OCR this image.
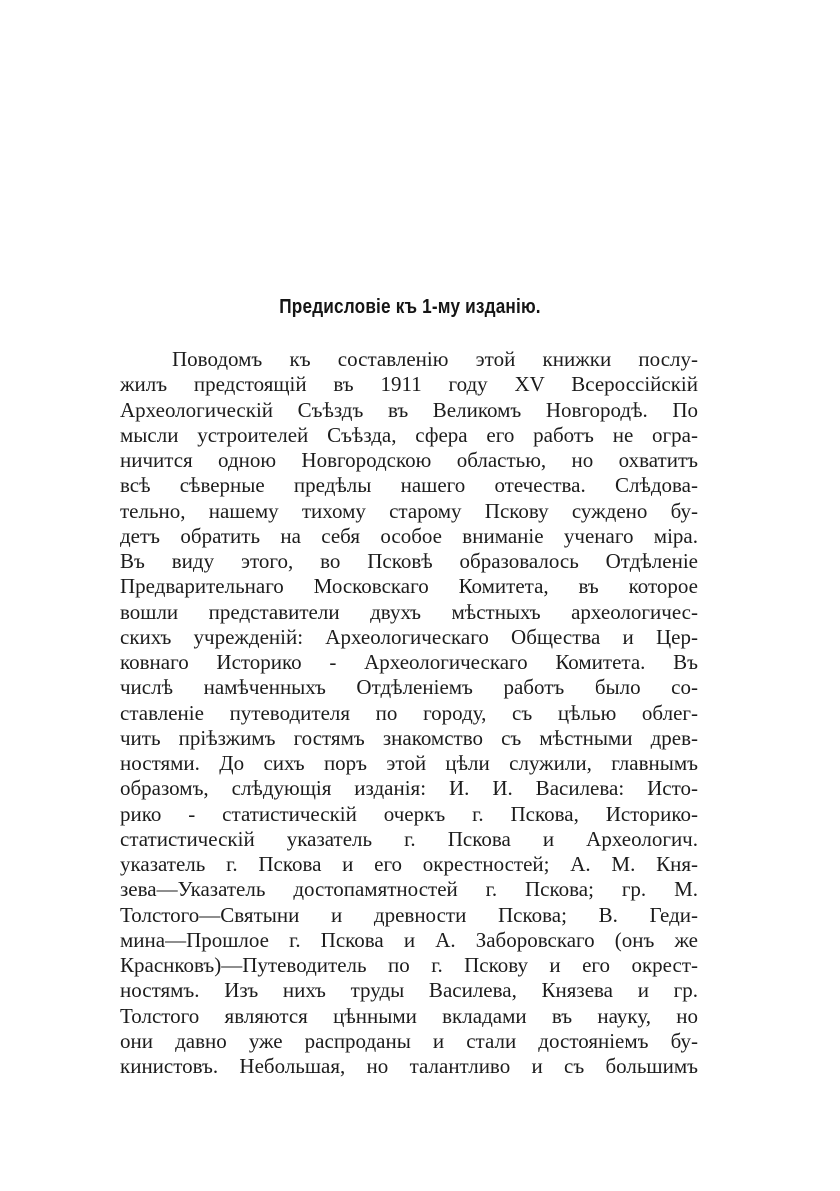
Предисловіе къ 1-му изданію.
Поводомъ къ составленію этой книжки послу-
жилъ предстоящій въ 1911 году XV Всероссійскій
Археологическій Съѣздъ въ Великомъ Новгородѣ. По
мысли устроителей Съѣзда, сфера его работъ не огра-
ничится одною Новгородскою областью, но охватитъ
всѣ сѣверные предѣлы нашего отечества. Слѣдова-
тельно, нашему тихому старому Пскову суждено бу-
детъ обратить на себя особое вниманіе ученаго міра.
Въ виду этого, во Псковѣ образовалось Отдѣленіе
Предварительнаго Московскаго Комитета, въ которое
вошли представители двухъ мѣстныхъ археологичес-
скихъ учрежденій: Археологическаго Общества и Цер-
ковнаго Историко - Археологическаго Комитета. Въ
числѣ намѣченныхъ Отдѣленіемъ работъ было со-
ставленіе путеводителя по городу, съ цѣлью облег-
чить пріѣзжимъ гостямъ знакомство съ мѣстными древ-
ностями. До сихъ поръ этой цѣли служили, главнымъ
образомъ, слѣдующія изданія: И. И. Василева: Исто-
рико - статистическій очеркъ г. Пскова, Историко-
статистическій указатель г. Пскова и Археологич.
указатель г. Пскова и его окрестностей; А. М. Кня-
зева—Указатель достопамятностей г. Пскова; гр. М.
Толстого—Святыни и древности Пскова; В. Геди-
мина—Прошлое г. Пскова и А. Заборовскаго (онъ же
Краснковъ)—Путеводитель по г. Пскову и его окрест-
ностямъ. Изъ нихъ труды Василева, Князева и гр.
Толстого являются цѣнными вкладами въ науку, но
они давно уже распроданы и стали достояніемъ бу-
кинистовъ. Небольшая, но талантливо и съ большимъ
